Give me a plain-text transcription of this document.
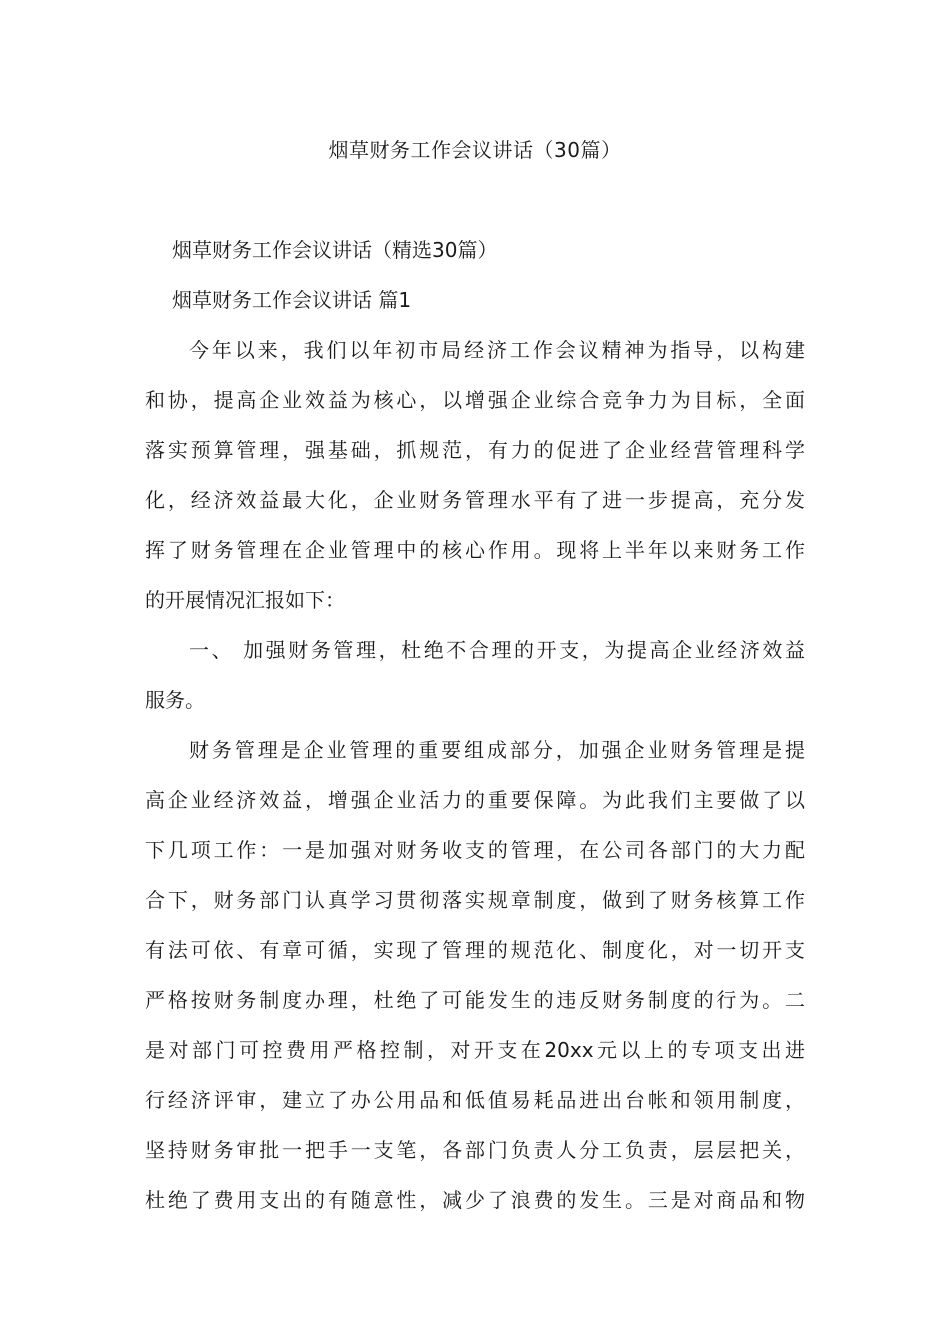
烟草财务工作会议讲话（30篇）
烟草财务工作会议讲话（精选30篇）
烟草财务工作会议讲话 篇1
今年以来，我们以年初市局经济工作会议精神为指导，以构建
和协，提高企业效益为核心，以增强企业综合竞争力为目标，全面
落实预算管理，强基础，抓规范，有力的促进了企业经营管理科学
化，经济效益最大化，企业财务管理水平有了进一步提高，充分发
挥了财务管理在企业管理中的核心作用。现将上半年以来财务工作
的开展情况汇报如下：
一、 加强财务管理，杜绝不合理的开支，为提高企业经济效益
服务。
财务管理是企业管理的重要组成部分，加强企业财务管理是提
高企业经济效益，增强企业活力的重要保障。为此我们主要做了以
下几项工作：一是加强对财务收支的管理，在公司各部门的大力配
合下，财务部门认真学习贯彻落实规章制度，做到了财务核算工作
有法可依、有章可循，实现了管理的规范化、制度化，对一切开支
严格按财务制度办理，杜绝了可能发生的违反财务制度的行为。二
是对部门可控费用严格控制，对开支在20xx元以上的专项支出进
行经济评审，建立了办公用品和低值易耗品进出台帐和领用制度，
坚持财务审批一把手一支笔，各部门负责人分工负责，层层把关，
杜绝了费用支出的有随意性，减少了浪费的发生。三是对商品和物
